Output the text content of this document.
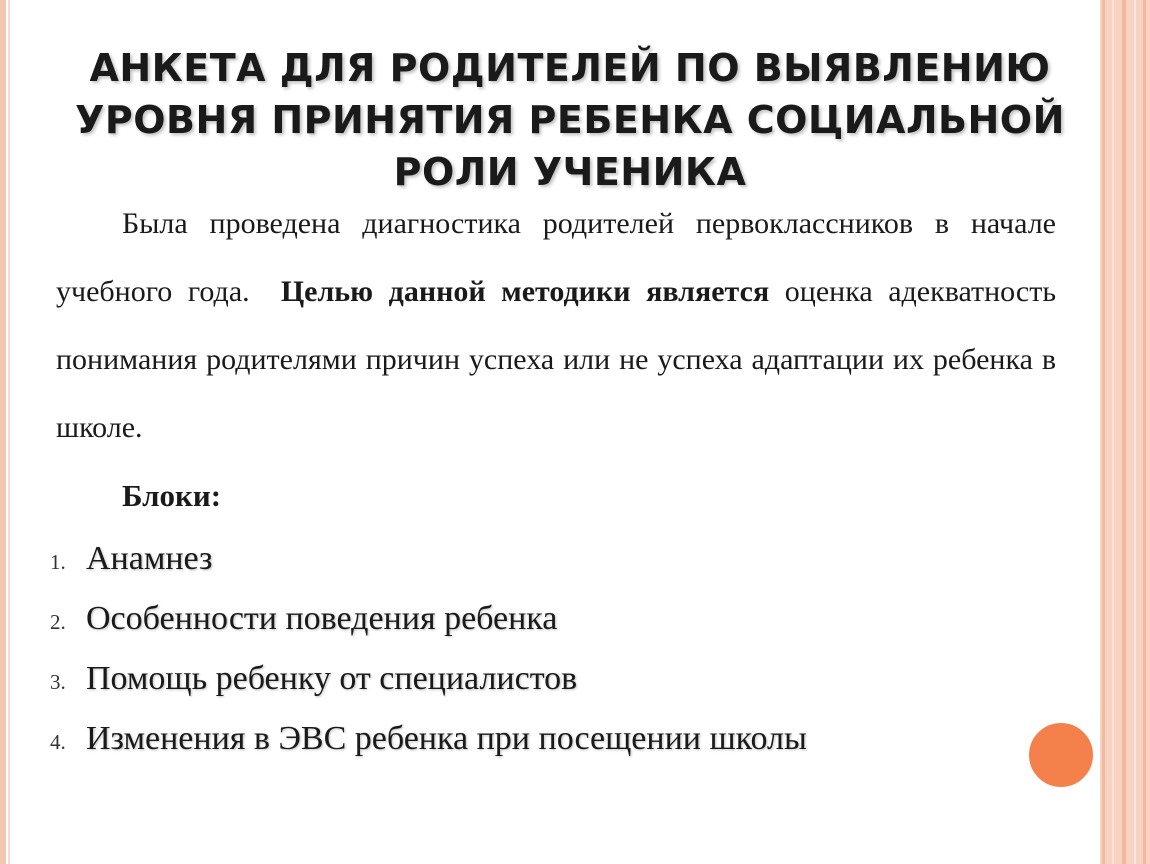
АНКЕТА ДЛЯ РОДИТЕЛЕЙ ПО ВЫЯВЛЕНИЮ
УРОВНЯ ПРИНЯТИЯ РЕБЕНКА СОЦИАЛЬНОЙ
РОЛИ УЧЕНИКА
Была проведена диагностика родителей первоклассников в начале учебного года. Целью данной методики является оценка адекватность понимания родителями причин успеха или не успеха адаптации их ребенка в школе.
Блоки:
1. Анамнез
2. Особенности поведения ребенка
3. Помощь ребенку от специалистов
4. Изменения в ЭВС ребенка при посещении школы
